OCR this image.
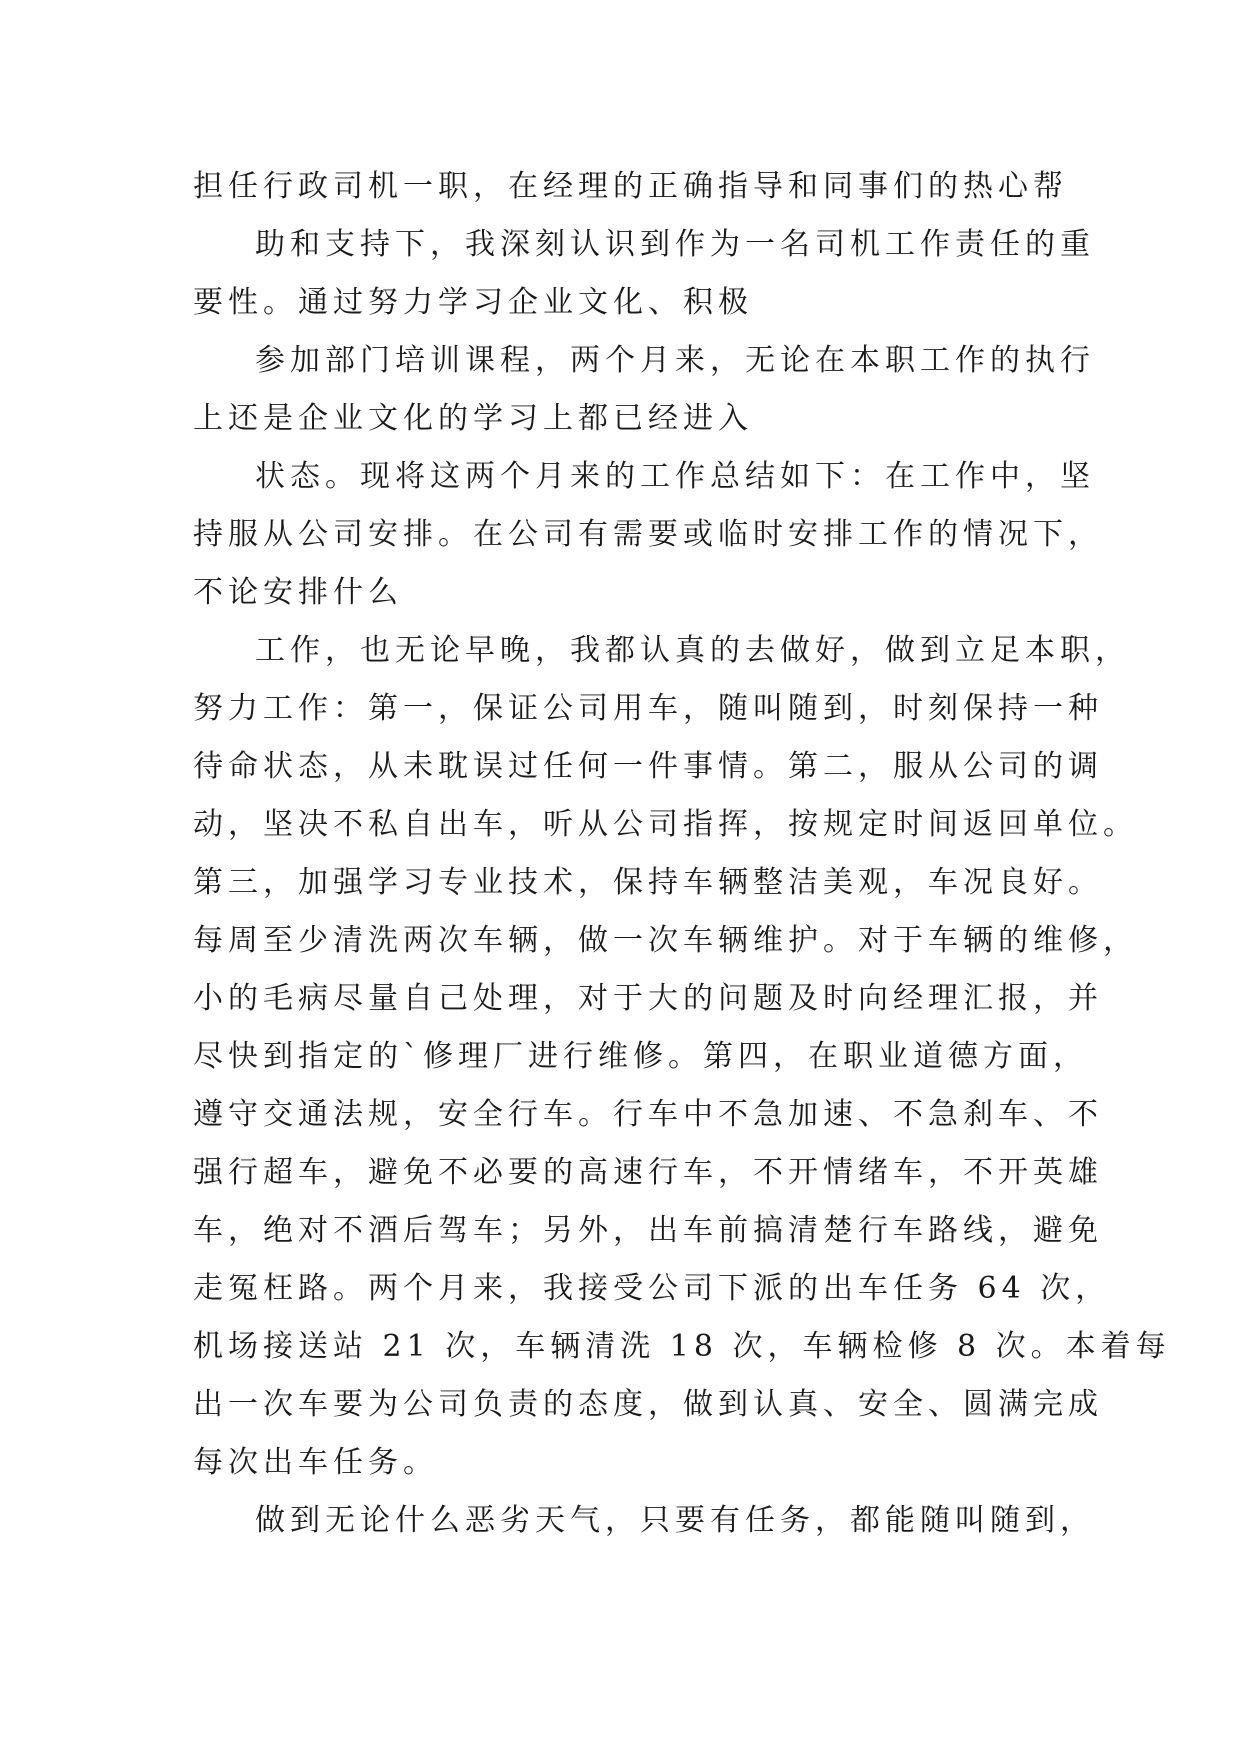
担任行政司机一职，在经理的正确指导和同事们的热心帮
助和支持下，我深刻认识到作为一名司机工作责任的重
要性。通过努力学习企业文化、积极
参加部门培训课程，两个月来，无论在本职工作的执行
上还是企业文化的学习上都已经进入
状态。现将这两个月来的工作总结如下：在工作中，坚
持服从公司安排。在公司有需要或临时安排工作的情况下，
不论安排什么
工作，也无论早晚，我都认真的去做好，做到立足本职，
努力工作：第一，保证公司用车，随叫随到，时刻保持一种
待命状态，从未耽误过任何一件事情。第二，服从公司的调
动，坚决不私自出车，听从公司指挥，按规定时间返回单位。
第三，加强学习专业技术，保持车辆整洁美观，车况良好。
每周至少清洗两次车辆，做一次车辆维护。对于车辆的维修，
小的毛病尽量自己处理，对于大的问题及时向经理汇报，并
尽快到指定的`修理厂进行维修。第四，在职业道德方面，
遵守交通法规，安全行车。行车中不急加速、不急刹车、不
强行超车，避免不必要的高速行车，不开情绪车，不开英雄
车，绝对不酒后驾车；另外，出车前搞清楚行车路线，避免
走冤枉路。两个月来，我接受公司下派的出车任务 64 次，
机场接送站 21 次，车辆清洗 18 次，车辆检修 8 次。本着每
出一次车要为公司负责的态度，做到认真、安全、圆满完成
每次出车任务。
做到无论什么恶劣天气，只要有任务，都能随叫随到，
